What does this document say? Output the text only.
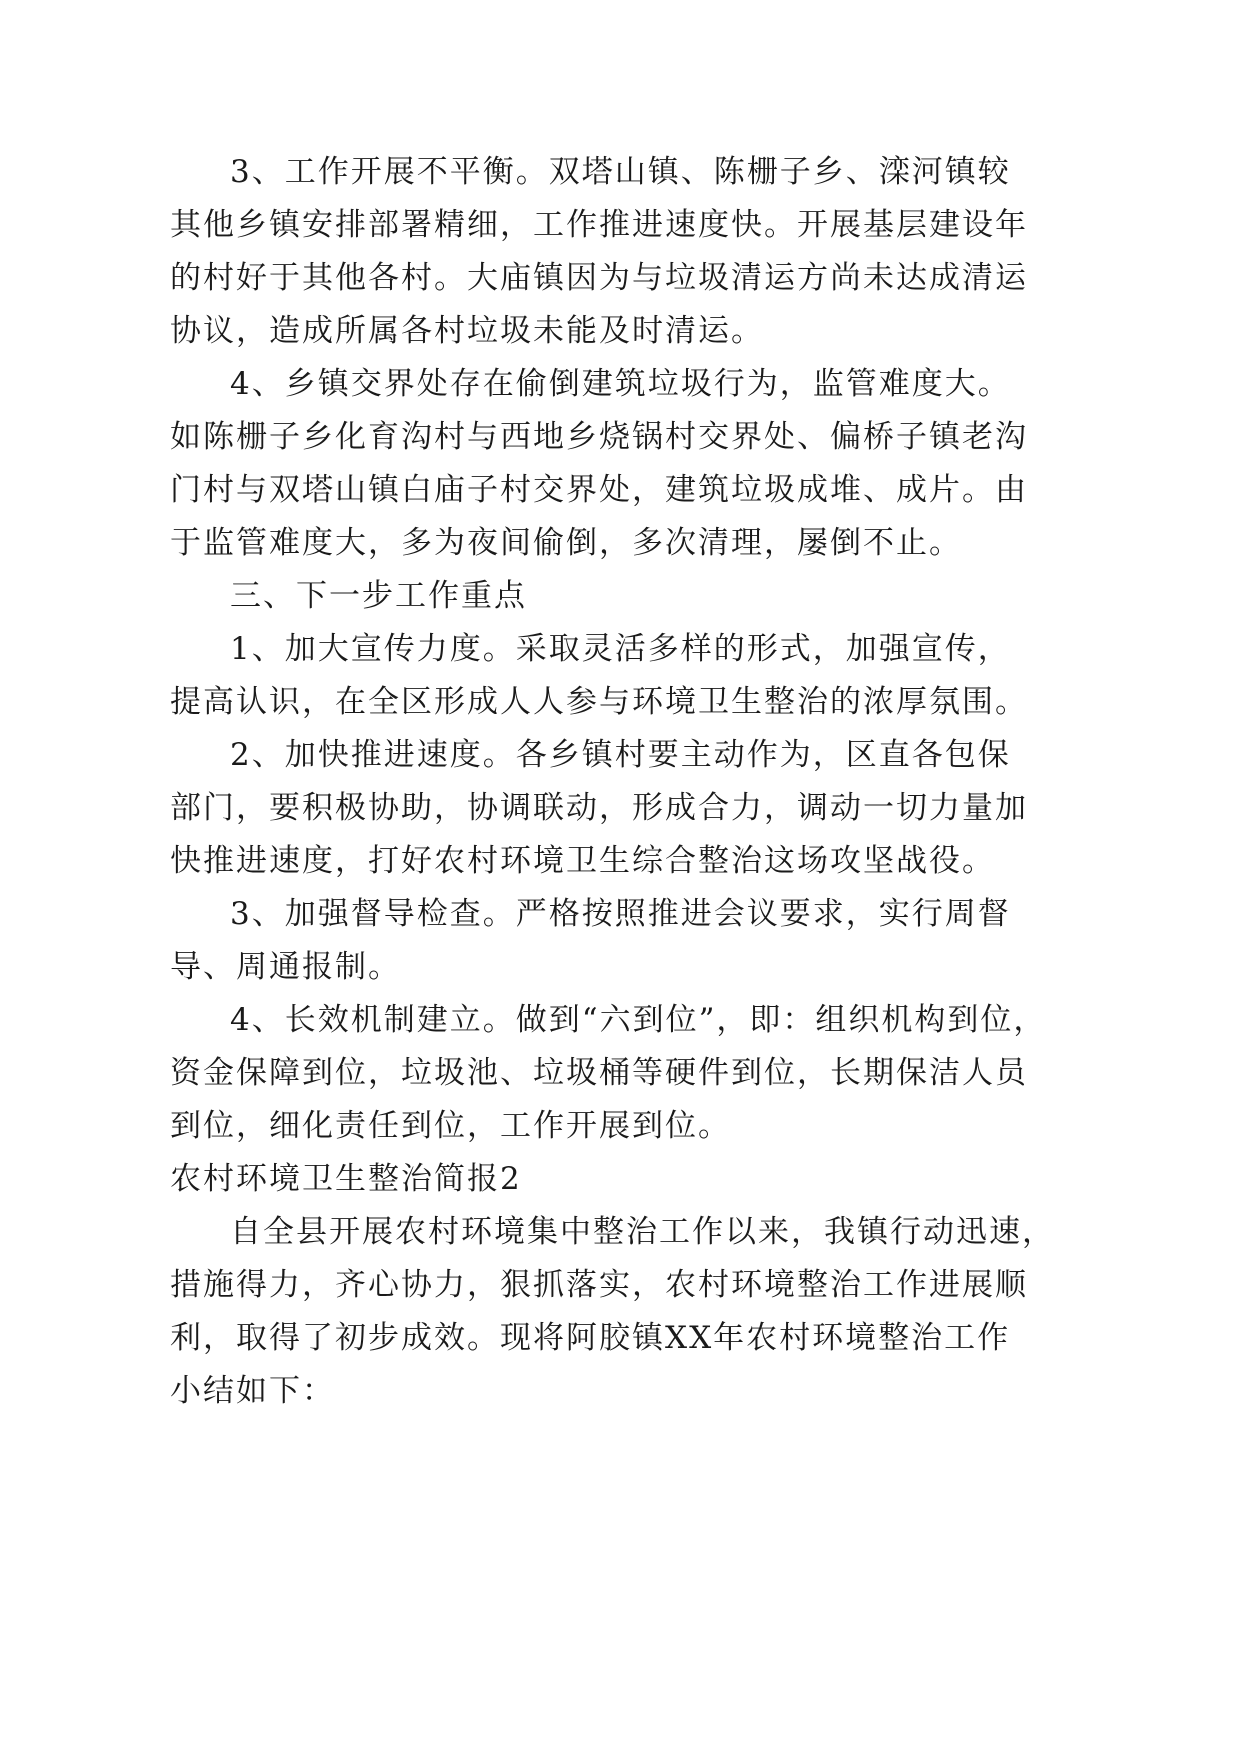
3、工作开展不平衡。双塔山镇、陈栅子乡、滦河镇较
其他乡镇安排部署精细，工作推进速度快。开展基层建设年
的村好于其他各村。大庙镇因为与垃圾清运方尚未达成清运
协议，造成所属各村垃圾未能及时清运。
4、乡镇交界处存在偷倒建筑垃圾行为，监管难度大。
如陈栅子乡化育沟村与西地乡烧锅村交界处、偏桥子镇老沟
门村与双塔山镇白庙子村交界处，建筑垃圾成堆、成片。由
于监管难度大，多为夜间偷倒，多次清理，屡倒不止。
三、下一步工作重点
1、加大宣传力度。采取灵活多样的形式，加强宣传，
提高认识，在全区形成人人参与环境卫生整治的浓厚氛围。
2、加快推进速度。各乡镇村要主动作为，区直各包保
部门，要积极协助，协调联动，形成合力，调动一切力量加
快推进速度，打好农村环境卫生综合整治这场攻坚战役。
3、加强督导检查。严格按照推进会议要求，实行周督
导、周通报制。
4、长效机制建立。做到“六到位”，即：组织机构到位，
资金保障到位，垃圾池、垃圾桶等硬件到位，长期保洁人员
到位，细化责任到位，工作开展到位。
农村环境卫生整治简报2
自全县开展农村环境集中整治工作以来，我镇行动迅速，
措施得力，齐心协力，狠抓落实，农村环境整治工作进展顺
利，取得了初步成效。现将阿胶镇XX年农村环境整治工作
小结如下：
